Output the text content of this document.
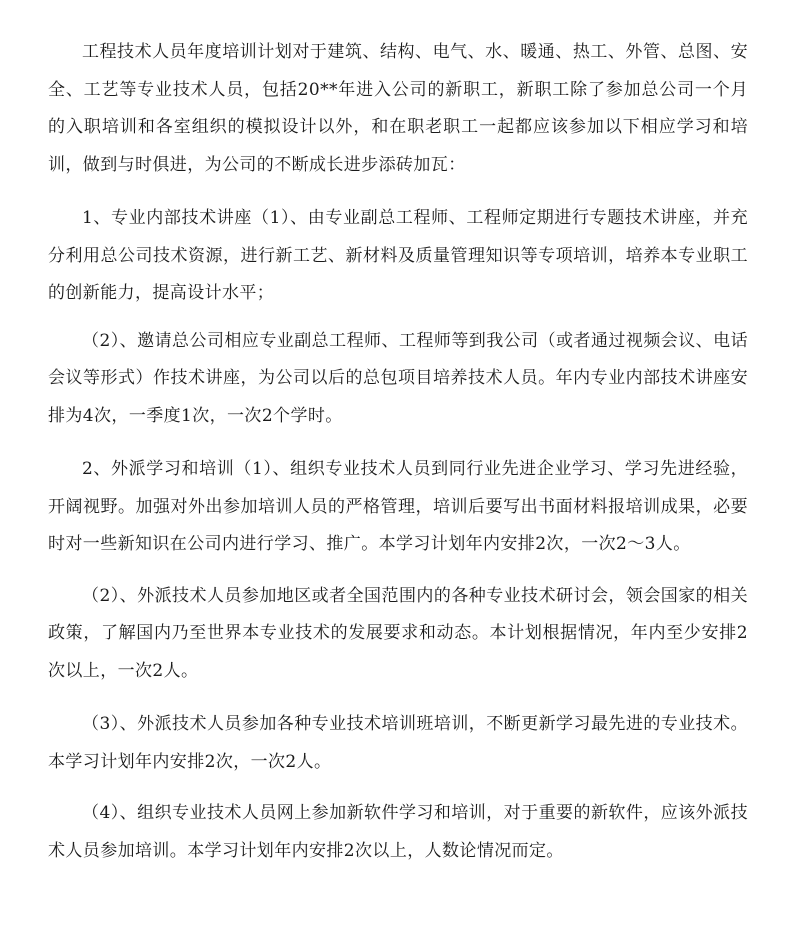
工程技术人员年度培训计划对于建筑、结构、电气、水、暖通、热工、外管、总图、安全、工艺等专业技术人员，包括20**年进入公司的新职工，新职工除了参加总公司一个月的入职培训和各室组织的模拟设计以外，和在职老职工一起都应该参加以下相应学习和培训，做到与时俱进，为公司的不断成长进步添砖加瓦：

1、专业内部技术讲座（1）、由专业副总工程师、工程师定期进行专题技术讲座，并充分利用总公司技术资源，进行新工艺、新材料及质量管理知识等专项培训，培养本专业职工的创新能力，提高设计水平；

（2）、邀请总公司相应专业副总工程师、工程师等到我公司（或者通过视频会议、电话会议等形式）作技术讲座，为公司以后的总包项目培养技术人员。年内专业内部技术讲座安排为4次，一季度1次，一次2个学时。

2、外派学习和培训（1）、组织专业技术人员到同行业先进企业学习、学习先进经验，开阔视野。加强对外出参加培训人员的严格管理，培训后要写出书面材料报培训成果，必要时对一些新知识在公司内进行学习、推广。本学习计划年内安排2次，一次2～3人。

（2）、外派技术人员参加地区或者全国范围内的各种专业技术研讨会，领会国家的相关政策，了解国内乃至世界本专业技术的发展要求和动态。本计划根据情况，年内至少安排2次以上，一次2人。

（3）、外派技术人员参加各种专业技术培训班培训，不断更新学习最先进的专业技术。本学习计划年内安排2次，一次2人。

（4）、组织专业技术人员网上参加新软件学习和培训，对于重要的新软件，应该外派技术人员参加培训。本学习计划年内安排2次以上，人数论情况而定。
